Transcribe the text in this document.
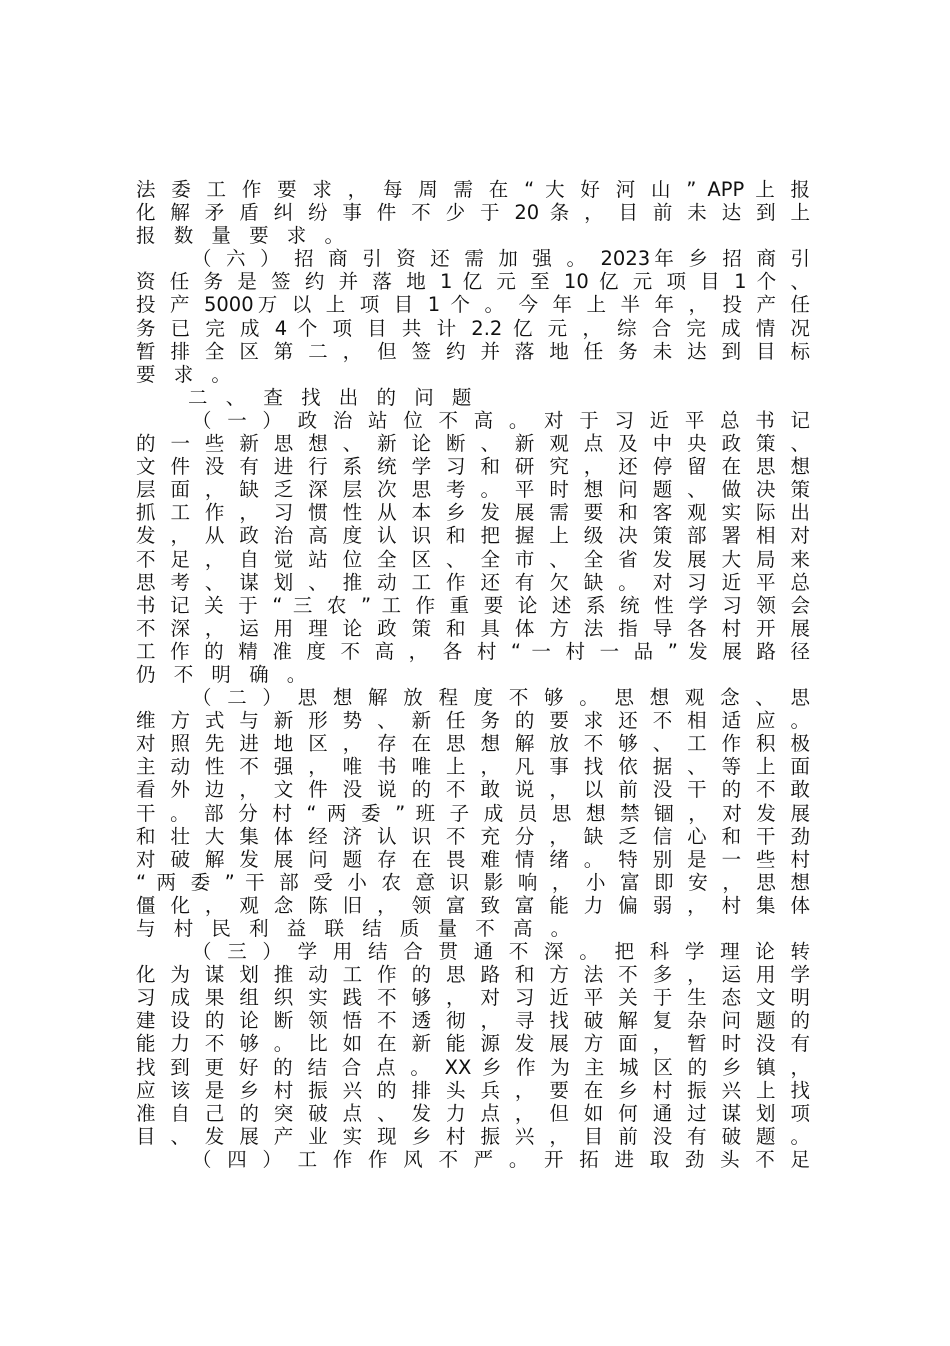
法 委 工 作 要 求 ， 每 周 需 在 “ 大 好 河 山 ” APP 上 报
化 解 矛 盾 纠 纷 事 件 不 少 于 20 条 ， 目 前 未 达 到 上
报 数 量 要 求 。
（ 六 ） 招 商 引 资 还 需 加 强 。 2023年 乡 招 商 引
资 任 务 是 签 约 并 落 地 1 亿 元 至 10 亿 元 项 目 1 个 、
投 产 5000万 以 上 项 目 1 个 。 今 年 上 半 年 ， 投 产 任
务 已 完 成 4 个 项 目 共 计 2.2 亿 元 ， 综 合 完 成 情 况
暂 排 全 区 第 二 ， 但 签 约 并 落 地 任 务 未 达 到 目 标
要 求 。
二 、 查 找 出 的 问 题
（ 一 ） 政 治 站 位 不 高 。 对 于 习 近 平 总 书 记
的 一 些 新 思 想 、 新 论 断 、 新 观 点 及 中 央 政 策 、
文 件 没 有 进 行 系 统 学 习 和 研 究 ， 还 停 留 在 思 想
层 面 ， 缺 乏 深 层 次 思 考 。 平 时 想 问 题 、 做 决 策
抓 工 作 ， 习 惯 性 从 本 乡 发 展 需 要 和 客 观 实 际 出
发 ， 从 政 治 高 度 认 识 和 把 握 上 级 决 策 部 署 相 对
不 足 ， 自 觉 站 位 全 区 、 全 市 、 全 省 发 展 大 局 来
思 考 、 谋 划 、 推 动 工 作 还 有 欠 缺 。 对 习 近 平 总
书 记 关 于 “ 三 农 ” 工 作 重 要 论 述 系 统 性 学 习 领 会
不 深 ， 运 用 理 论 政 策 和 具 体 方 法 指 导 各 村 开 展
工 作 的 精 准 度 不 高 ， 各 村 “ 一 村 一 品 ” 发 展 路 径
仍 不 明 确 。
（ 二 ） 思 想 解 放 程 度 不 够 。 思 想 观 念 、 思
维 方 式 与 新 形 势 、 新 任 务 的 要 求 还 不 相 适 应 。
对 照 先 进 地 区 ， 存 在 思 想 解 放 不 够 、 工 作 积 极
主 动 性 不 强 ， 唯 书 唯 上 ， 凡 事 找 依 据 、 等 上 面
看 外 边 ， 文 件 没 说 的 不 敢 说 ， 以 前 没 干 的 不 敢
干 。 部 分 村 “ 两 委 ” 班 子 成 员 思 想 禁 锢 ， 对 发 展
和 壮 大 集 体 经 济 认 识 不 充 分 ， 缺 乏 信 心 和 干 劲
对 破 解 发 展 问 题 存 在 畏 难 情 绪 。 特 别 是 一 些 村
“ 两 委 ” 干 部 受 小 农 意 识 影 响 ， 小 富 即 安 ， 思 想
僵 化 ， 观 念 陈 旧 ， 领 富 致 富 能 力 偏 弱 ， 村 集 体
与 村 民 利 益 联 结 质 量 不 高 。
（ 三 ） 学 用 结 合 贯 通 不 深 。 把 科 学 理 论 转
化 为 谋 划 推 动 工 作 的 思 路 和 方 法 不 多 ， 运 用 学
习 成 果 组 织 实 践 不 够 ， 对 习 近 平 关 于 生 态 文 明
建 设 的 论 断 领 悟 不 透 彻 ， 寻 找 破 解 复 杂 问 题 的
能 力 不 够 。 比 如 在 新 能 源 发 展 方 面 ， 暂 时 没 有
找 到 更 好 的 结 合 点 。 XX 乡 作 为 主 城 区 的 乡 镇 ，
应 该 是 乡 村 振 兴 的 排 头 兵 ， 要 在 乡 村 振 兴 上 找
准 自 己 的 突 破 点 、 发 力 点 ， 但 如 何 通 过 谋 划 项
目 、 发 展 产 业 实 现 乡 村 振 兴 ， 目 前 没 有 破 题 。
（ 四 ） 工 作 作 风 不 严 。 开 拓 进 取 劲 头 不 足
